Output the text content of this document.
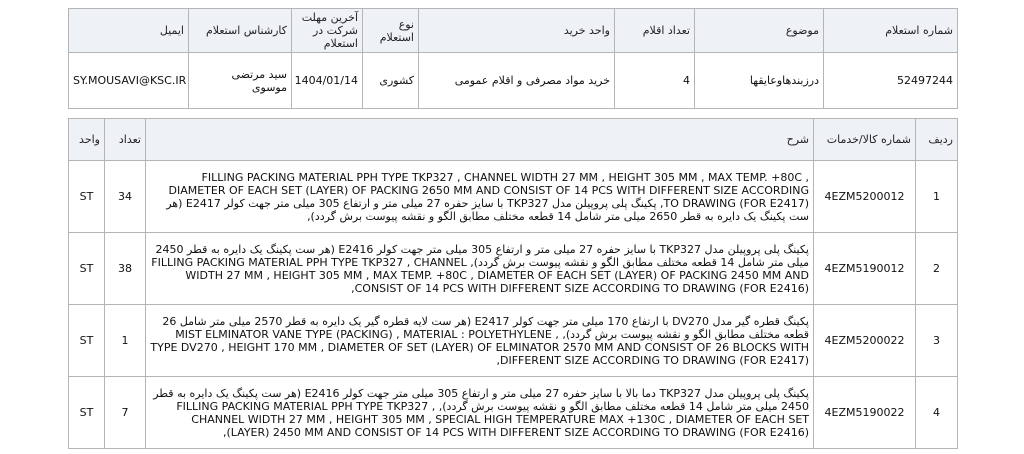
ایمیل	کارشناس استعلام	آخرین مهلت شرکت در استعلام	نوع استعلام	واحد خرید	تعداد اقلام	موضوع	شماره استعلام
SY.MOUSAVI@KSC.IR	سید مرتضی موسوی	1404/01/14	کشوری	خرید مواد مصرفی و اقلام عمومی	4	درزبندهاوعایقها	52497244
واحد	تعداد	شرح	شماره کالا/خدمات	ردیف
ST	34	FILLING PACKING MATERIAL PPH TYPE TKP327 , CHANNEL WIDTH 27 MM , HEIGHT 305 MM , MAX TEMP. +80C , DIAMETER OF EACH SET (LAYER) OF PACKING 2650 MM AND CONSIST OF 14 PCS WITH DIFFERENT SIZE ACCORDING TO DRAWING (FOR E2417), پکینگ پلی پروپیلن مدل TKP327 با سایز حفره 27 میلی متر و ارتفاع 305 میلی متر جهت کولر E2417 (هر ست پکینگ یک دایره به قطر 2650 میلی متر شامل 14 قطعه مختلف مطابق الگو و نقشه پیوست برش گردد),	4EZM5200012	1
ST	38	پکینگ پلی پروپیلن مدل TKP327 با سایز حفره 27 میلی متر و ارتفاع 305 میلی متر جهت کولر E2416 (هر ست پکینگ یک دایره به قطر 2450 میلی متر شامل 14 قطعه مختلف مطابق الگو و نقشه پیوست برش گردد), FILLING PACKING MATERIAL PPH TYPE TKP327 , CHANNEL WIDTH 27 MM , HEIGHT 305 MM , MAX TEMP. +80C , DIAMETER OF EACH SET (LAYER) OF PACKING 2450 MM AND CONSIST OF 14 PCS WITH DIFFERENT SIZE ACCORDING TO DRAWING (FOR E2416),	4EZM5190012	2
ST	1	پکینگ قطره گیر مدل DV270 با ارتفاع 170 میلی متر جهت کولر E2417 (هر ست لایه قطره گیر یک دایره به قطر 2570 میلی متر شامل 26 قطعه مختلف مطابق الگو و نقشه پیوست برش گردد), MIST ELMINATOR VANE TYPE (PACKING) , MATERIAL : POLYETHYLENE , TYPE DV270 , HEIGHT 170 MM , DIAMETER OF SET (LAYER) OF ELMINATOR 2570 MM AND CONSIST OF 26 BLOCKS WITH DIFFERENT SIZE ACCORDING TO DRAWING (FOR E2417),	4EZM5200022	3
ST	7	پکینگ پلی پروپیلن مدل TKP327 دما بالا با سایز حفره 27 میلی متر و ارتفاع 305 میلی متر جهت کولر E2416 (هر ست پکینگ یک دایره به قطر 2450 میلی متر شامل 14 قطعه مختلف مطابق الگو و نقشه پیوست برش گردد), FILLING PACKING MATERIAL PPH TYPE TKP327 , CHANNEL WIDTH 27 MM , HEIGHT 305 MM , SPECIAL HIGH TEMPERATURE MAX +130C , DIAMETER OF EACH SET (LAYER) 2450 MM AND CONSIST OF 14 PCS WITH DIFFERENT SIZE ACCORDING TO DRAWING (FOR E2416),	4EZM5190022	4
